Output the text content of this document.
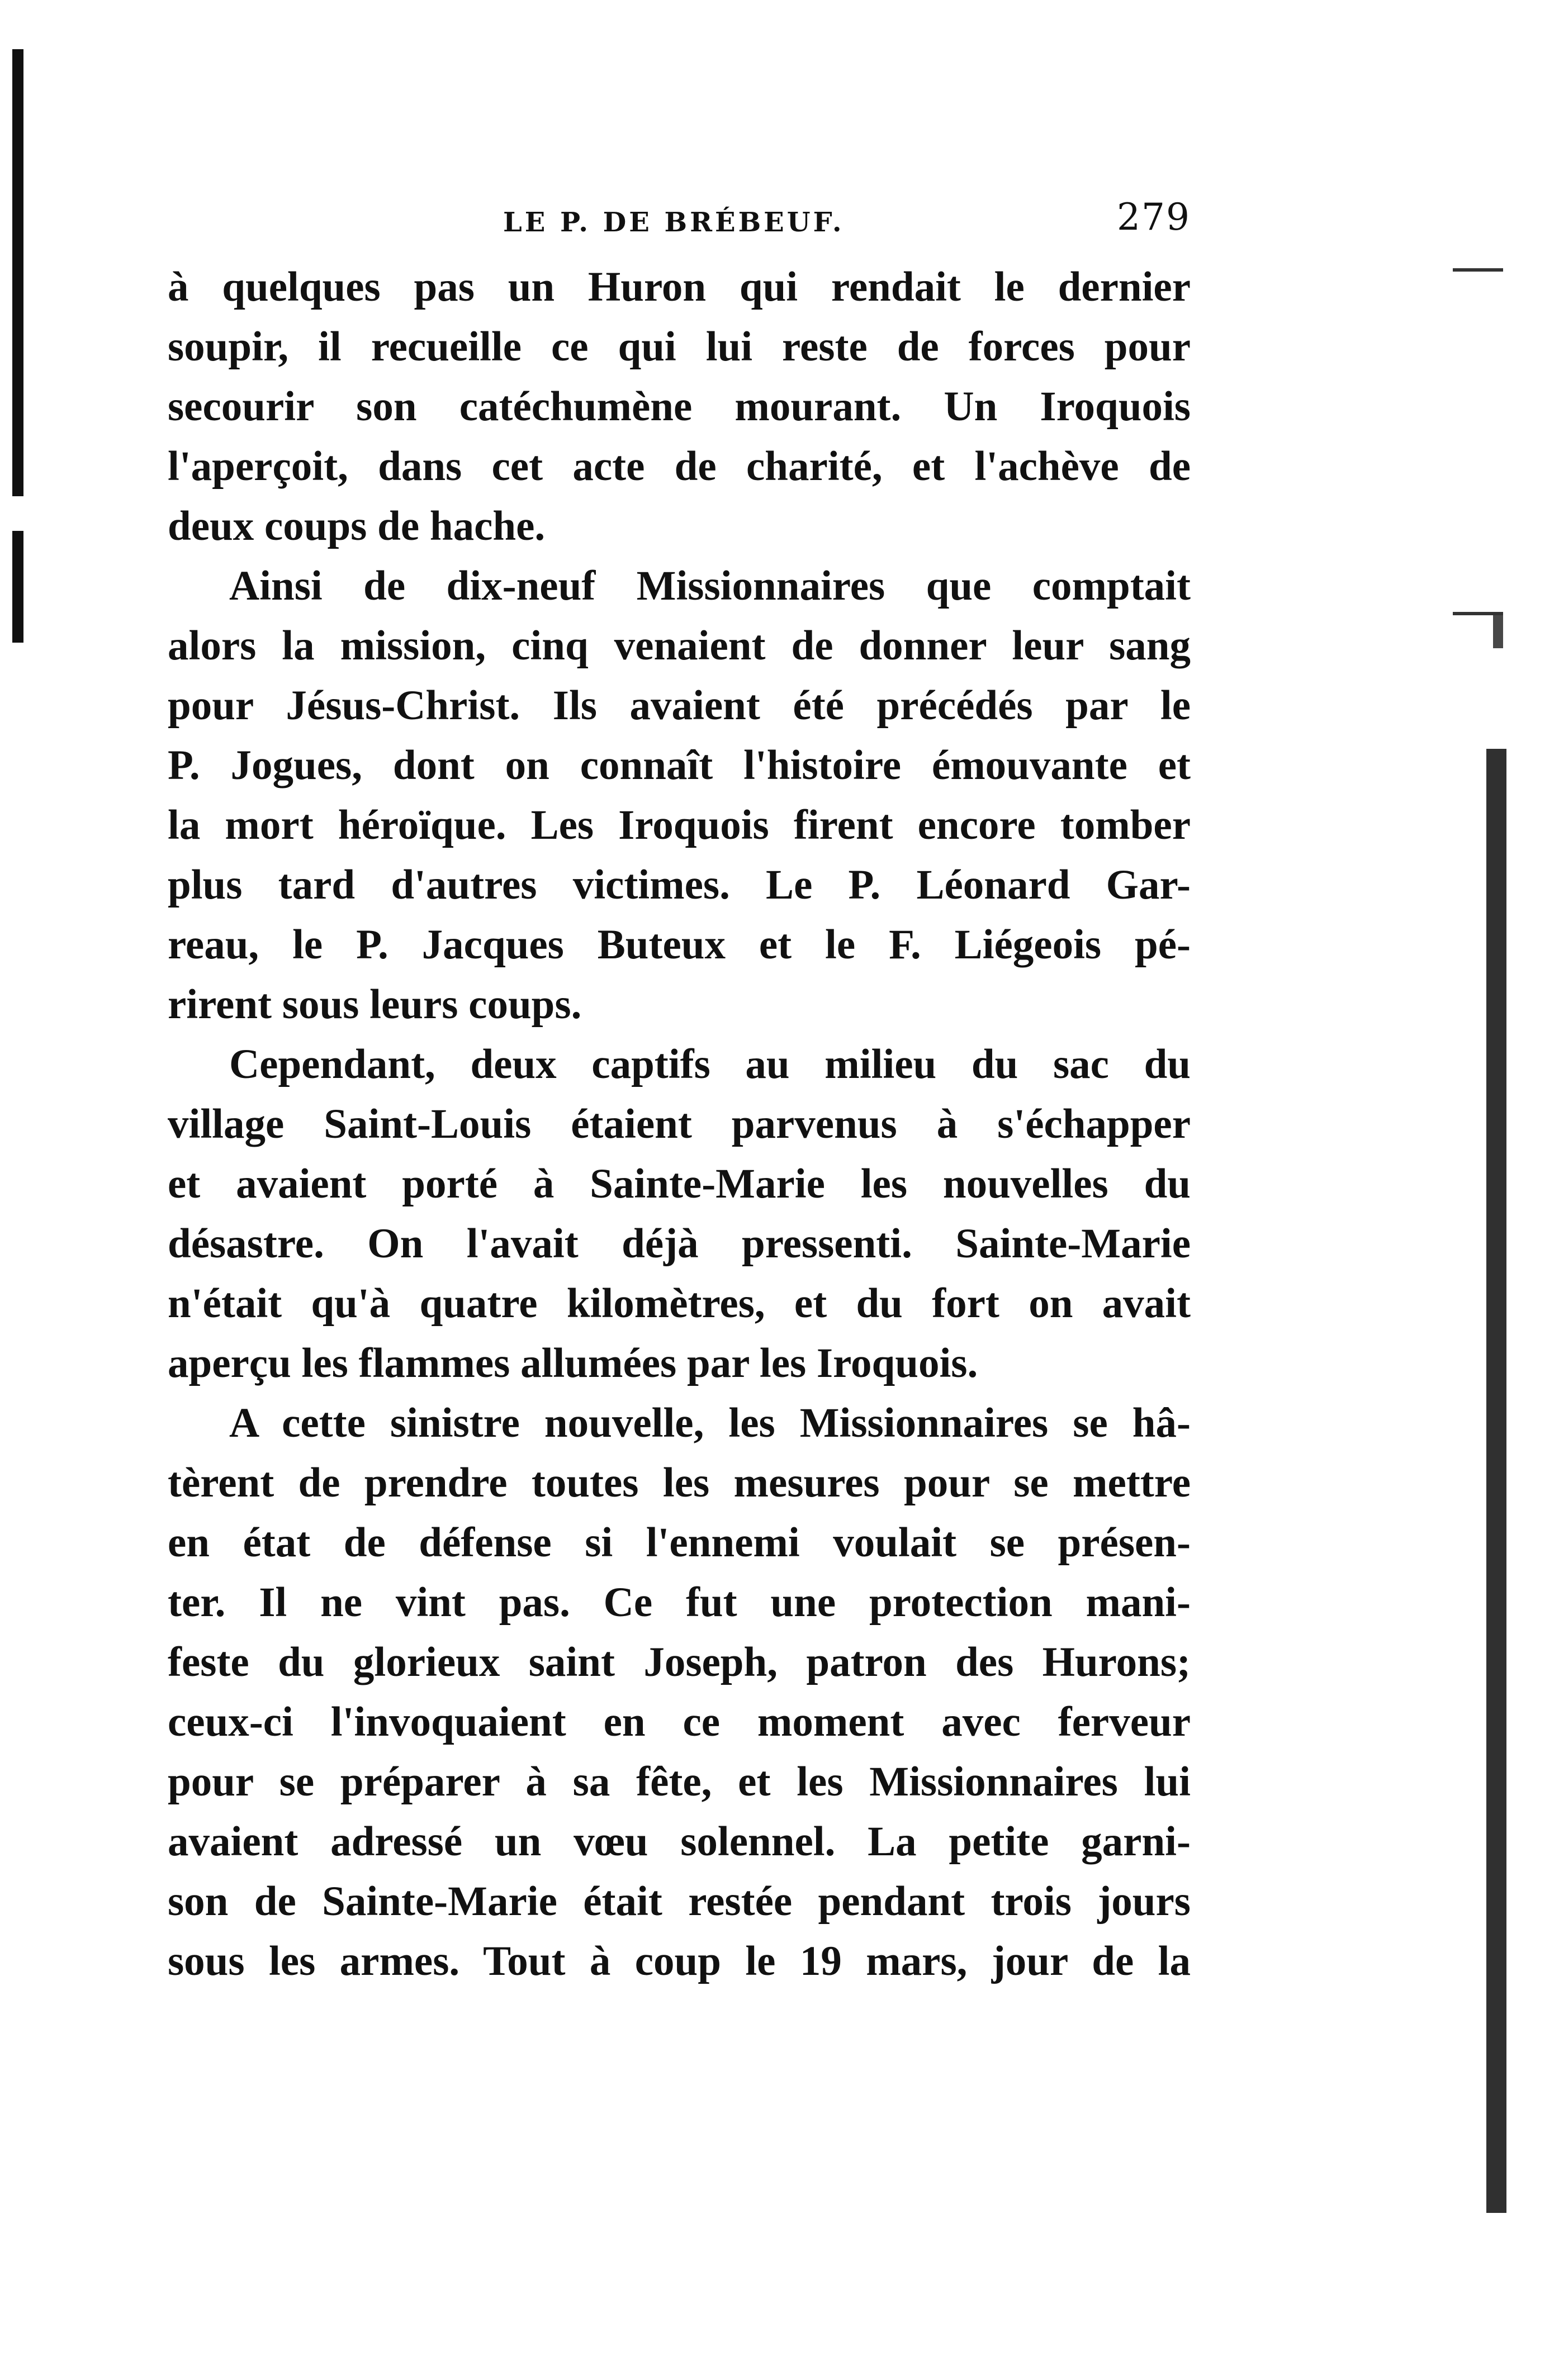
LE P. DE BRÉBEUF.	279
à quelques pas un Huron qui rendait le dernier
soupir, il recueille ce qui lui reste de forces pour
secourir son catéchumène mourant. Un Iroquois
l'aperçoit, dans cet acte de charité, et l'achève de
deux coups de hache.
Ainsi de dix-neuf Missionnaires que comptait
alors la mission, cinq venaient de donner leur sang
pour Jésus-Christ. Ils avaient été précédés par le
P. Jogues, dont on connaît l'histoire émouvante et
la mort héroïque. Les Iroquois firent encore tomber
plus tard d'autres victimes. Le P. Léonard Gar-
reau, le P. Jacques Buteux et le F. Liégeois pé-
rirent sous leurs coups.
Cependant, deux captifs au milieu du sac du
village Saint-Louis étaient parvenus à s'échapper
et avaient porté à Sainte-Marie les nouvelles du
désastre. On l'avait déjà pressenti. Sainte-Marie
n'était qu'à quatre kilomètres, et du fort on avait
aperçu les flammes allumées par les Iroquois.
A cette sinistre nouvelle, les Missionnaires se hâ-
tèrent de prendre toutes les mesures pour se mettre
en état de défense si l'ennemi voulait se présen-
ter. Il ne vint pas. Ce fut une protection mani-
feste du glorieux saint Joseph, patron des Hurons;
ceux-ci l'invoquaient en ce moment avec ferveur
pour se préparer à sa fête, et les Missionnaires lui
avaient adressé un vœu solennel. La petite garni-
son de Sainte-Marie était restée pendant trois jours
sous les armes. Tout à coup le 19 mars, jour de la
